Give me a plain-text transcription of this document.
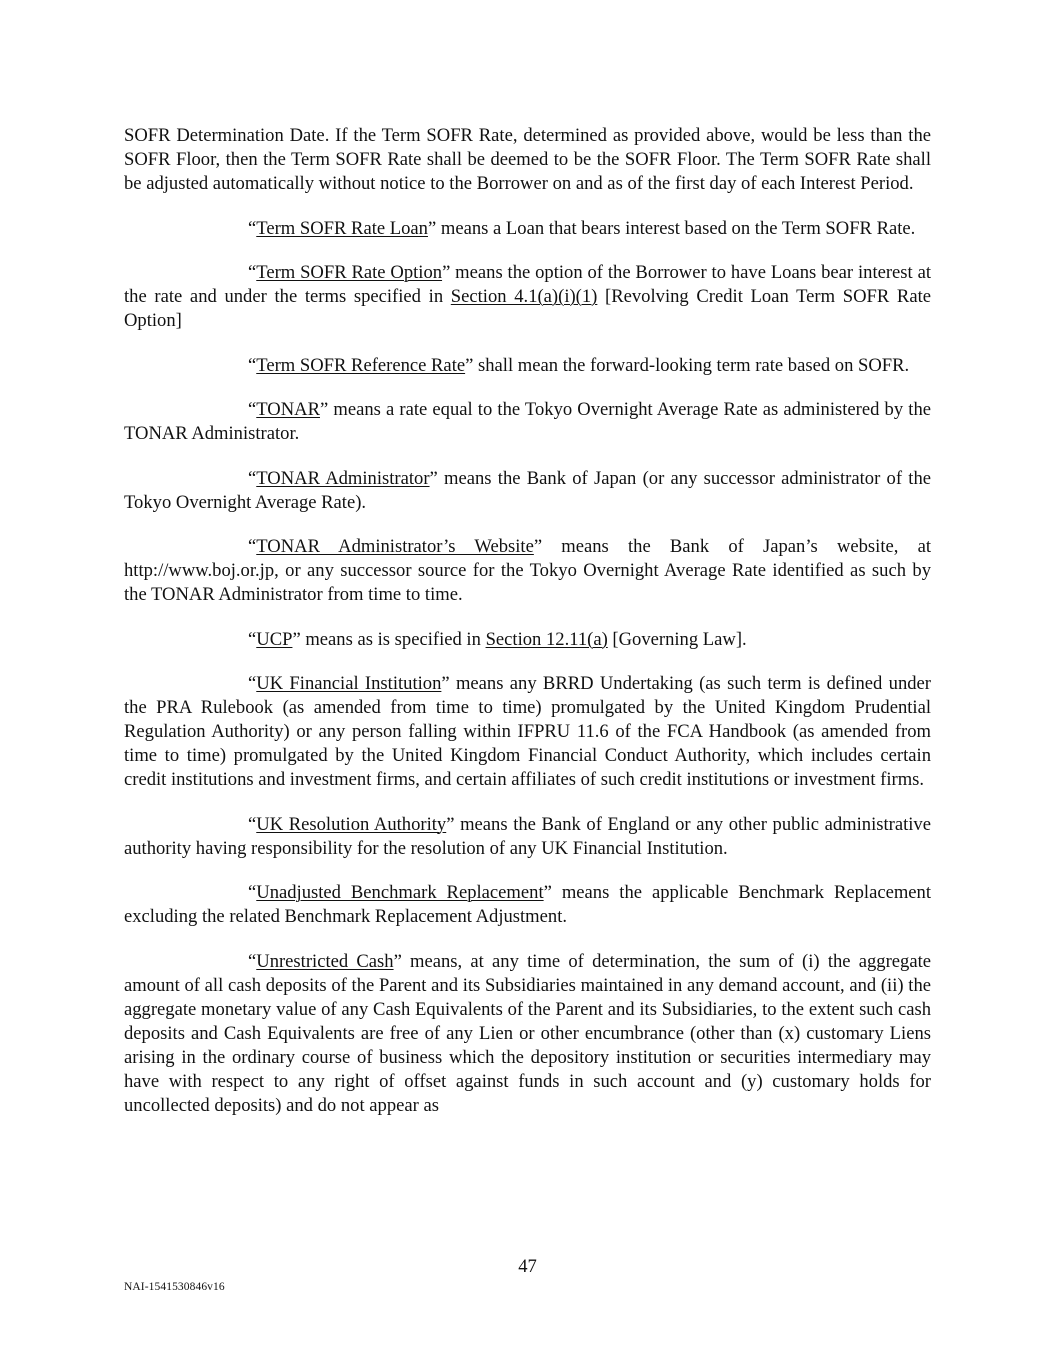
SOFR Determination Date. If the Term SOFR Rate, determined as provided above, would be less than the SOFR Floor, then the Term SOFR Rate shall be deemed to be the SOFR Floor. The Term SOFR Rate shall be adjusted automatically without notice to the Borrower on and as of the first day of each Interest Period.

“Term SOFR Rate Loan” means a Loan that bears interest based on the Term SOFR Rate.

“Term SOFR Rate Option” means the option of the Borrower to have Loans bear interest at the rate and under the terms specified in Section 4.1(a)(i)(1) [Revolving Credit Loan Term SOFR Rate Option]

“Term SOFR Reference Rate” shall mean the forward-looking term rate based on SOFR.

“TONAR” means a rate equal to the Tokyo Overnight Average Rate as administered by the TONAR Administrator.

“TONAR Administrator” means the Bank of Japan (or any successor administrator of the Tokyo Overnight Average Rate).

“TONAR Administrator’s Website” means the Bank of Japan’s website, at http://www.boj.or.jp, or any successor source for the Tokyo Overnight Average Rate identified as such by the TONAR Administrator from time to time.

“UCP” means as is specified in Section 12.11(a) [Governing Law].

“UK Financial Institution” means any BRRD Undertaking (as such term is defined under the PRA Rulebook (as amended from time to time) promulgated by the United Kingdom Prudential Regulation Authority) or any person falling within IFPRU 11.6 of the FCA Handbook (as amended from time to time) promulgated by the United Kingdom Financial Conduct Authority, which includes certain credit institutions and investment firms, and certain affiliates of such credit institutions or investment firms.

“UK Resolution Authority” means the Bank of England or any other public administrative authority having responsibility for the resolution of any UK Financial Institution.

“Unadjusted Benchmark Replacement” means the applicable Benchmark Replacement excluding the related Benchmark Replacement Adjustment.

“Unrestricted Cash” means, at any time of determination, the sum of (i) the aggregate amount of all cash deposits of the Parent and its Subsidiaries maintained in any demand account, and (ii) the aggregate monetary value of any Cash Equivalents of the Parent and its Subsidiaries, to the extent such cash deposits and Cash Equivalents are free of any Lien or other encumbrance (other than (x) customary Liens arising in the ordinary course of business which the depository institution or securities intermediary may have with respect to any right of offset against funds in such account and (y) customary holds for uncollected deposits) and do not appear as

47
NAI-1541530846v16
